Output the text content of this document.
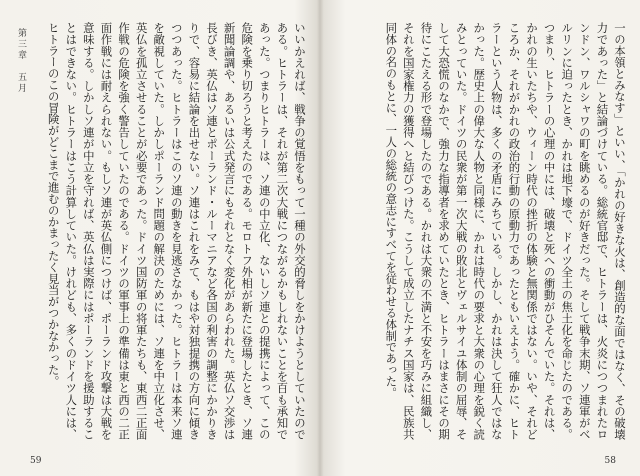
第三章　五月	いいかえれば、戦争の覚悟をもって一種の外交的脅しをかけようとしていたのである。ヒトラーは、それが第二次大戦につながるかもしれないことを百も承知であった。つまりヒトラーは、ソ連の中立化、ないしソ連との提携によって、この危険を乗り切ろうと考えたのである。モロトフ外相が新たに登場したとき、ソ連新聞論調や、あるいは公式発言にもそれとなく変化があらわれた。英仏ソ交渉は長びき、英仏はソ連とポーランド・ルーマニアなど各国の利害の調整にかかりきりで、容易に結論を出せない。ソ連はこれをみて、もはや対独提携の方向に傾きつつあった。ヒトラーはこのソ連の動きを見逃さなかった。ヒトラーは本来ソ連を敵視していた。しかしポーランド問題の解決のためには、ソ連を中立化させ、英仏を孤立させることが必要であった。ドイツ国防軍の将軍たちも、東西二正面作戦の危険を強く警告していたのである。ドイツの軍事上の準備は東と西の二正面作戦には耐えられない。もしソ連が英仏側につけば、ポーランド攻撃は大戦を意味する。しかしソ連が中立を守れば、英仏は実際にはポーランドを援助することはできない。ヒトラーはこう計算していた。けれども、多くのドイツ人には、ヒトラーのこの冒険がどこまで進むのかまったく見当がつかなかった。

59

一の本領とみなす」といい、「かれの好きな火は、創造的な面ではなく、その破壊力であった」と結論づけている。総統官邸で、ヒトラーは、火炎につつまれたロンドン、ワルシャワの町を眺めるのが好きだった。そして戦争末期、ソ連軍がベルリンに迫ったとき、かれは地下壕で、ドイツ全土の焦土化を命じたのである。つまり、ヒトラーの心理の中には、破壊と死への衝動がひそんでいた。それは、かれの生いたちや、ウィーン時代の挫折の体験と無関係ではない。いや、それどころか、それがかれの政治的行動の原動力であったともいえよう。確かに、ヒトラーという人物は、多くの矛盾にみちている。しかし、かれは決して狂人ではなかった。歴史上の偉大な人物と同様に、かれは時代の要求と大衆の心理を鋭く読みとっていた。ドイツの民衆が第一次大戦の敗北とヴェルサイユ体制の屈辱、そして大恐慌のなかで、強力な指導者を求めていたとき、ヒトラーはまさにその期待にこたえる形で登場したのである。かれは大衆の不満と不安を巧みに組織し、それを国家権力の獲得へと結びつけた。こうして成立したナチス国家は、民族共同体の名のもとに、一人の総統の意志にすべてを従わせる体制であった。

58
